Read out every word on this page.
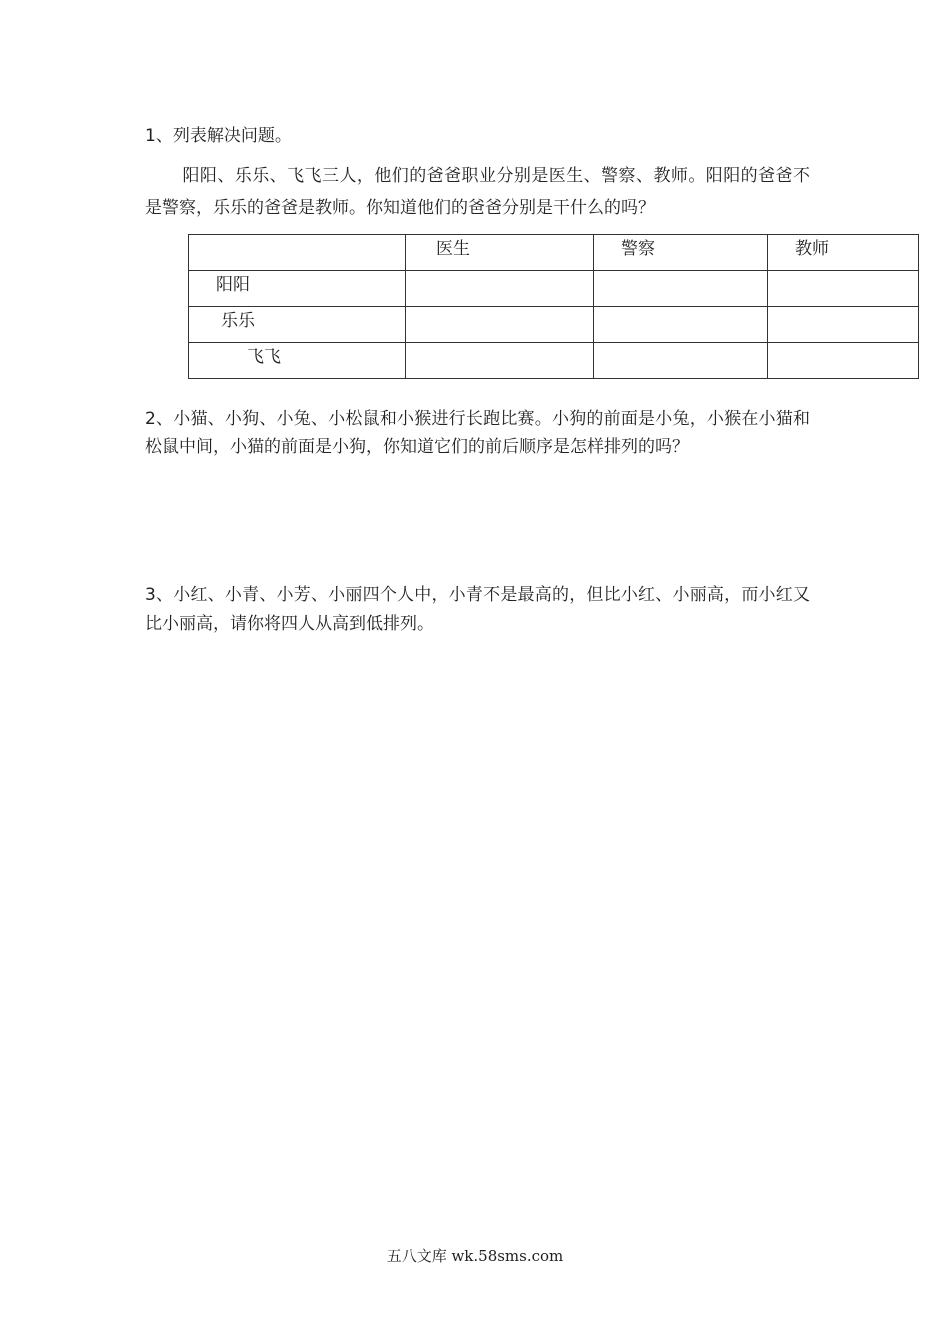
1、列表解决问题。

阳阳、乐乐、飞飞三人，他们的爸爸职业分别是医生、警察、教师。阳阳的爸爸不是警察，乐乐的爸爸是教师。你知道他们的爸爸分别是干什么的吗？

	医生	警察	教师
阳阳			
乐乐			
飞飞			

2、小猫、小狗、小兔、小松鼠和小猴进行长跑比赛。小狗的前面是小兔，小猴在小猫和松鼠中间，小猫的前面是小狗，你知道它们的前后顺序是怎样排列的吗？

3、小红、小青、小芳、小丽四个人中，小青不是最高的，但比小红、小丽高，而小红又比小丽高，请你将四人从高到低排列。

五八文库 wk.58sms.com
